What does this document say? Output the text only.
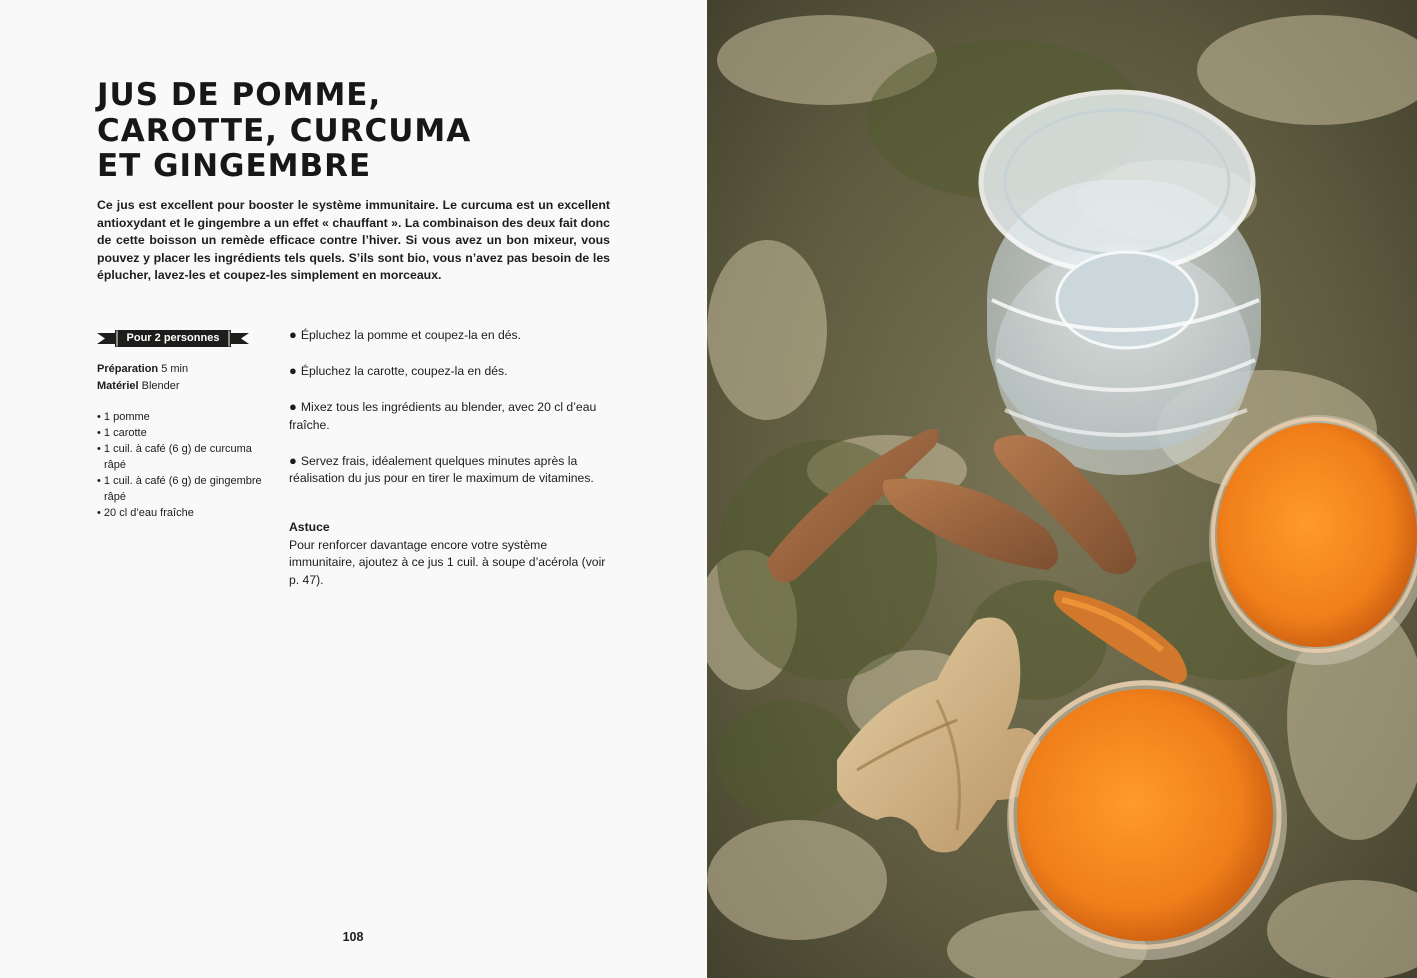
JUS DE POMME,
CAROTTE, CURCUMA
ET GINGEMBRE

Ce jus est excellent pour booster le système immunitaire. Le curcuma est un excellent antioxydant et le gingembre a un effet « chauffant ». La combinaison des deux fait donc de cette boisson un remède efficace contre l’hiver. Si vous avez un bon mixeur, vous pouvez y placer les ingrédients tels quels. S’ils sont bio, vous n’avez pas besoin de les éplucher, lavez-les et coupez-les simplement en morceaux.

Pour 2 personnes
Préparation 5 min
Matériel Blender
• 1 pomme
• 1 carotte
• 1 cuil. à café (6 g) de curcuma râpé
• 1 cuil. à café (6 g) de gingembre râpé
• 20 cl d’eau fraîche

● Épluchez la pomme et coupez-la en dés.

● Épluchez la carotte, coupez-la en dés.

● Mixez tous les ingrédients au blender, avec 20 cl d’eau fraîche.

● Servez frais, idéalement quelques minutes après la réalisation du jus pour en tirer le maximum de vitamines.

Astuce
Pour renforcer davantage encore votre système immunitaire, ajoutez à ce jus 1 cuil. à soupe d’acérola (voir p. 47).
108
